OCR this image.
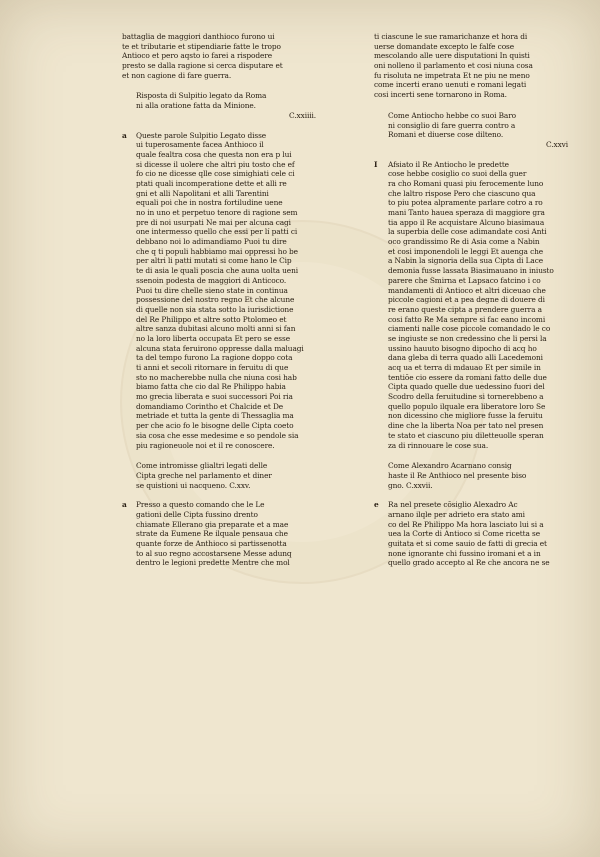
battaglia de maggiori danthioco furono ui
te et tributarie et stipendiarie fatte le tropo
Antioco et pero aqsto io farei a rispodere
presto se dalla ragione si cerca disputare et
et non cagione di fare guerra.
Risposta di Sulpitio legato da Roma
ni alla oratione fatta da Minione.
C.xxiiii.
a Queste parole Sulpitio Legato disse
ui tuperosamente facea Anthioco il
quale fealtra cosa che questa non era p lui
si dicesse il uolere che altri piu tosto che ef
fo cio ne dicesse qlle cose simighiati cele ci
ptati quali incomperatione dette et alli re
gni et alli Napolitani et alli Tarentini
equali poi che in nostra fortiludine uene
no in uno et perpetuo tenore di ragione sem
pre di noi usurpati Ne mai per alcuna cagi
one intermesso quello che essi per lí patti ci
debbano noi lo adimandiamo Puoi tu dire
che q ti populi habbiamo mai oppressi ho be
per altri li patti mutati si come hano le Cip
te di asia le quali poscia che auna uolta ueni
ssenoin podesta de maggiori di Anticoco.
Puoi tu dire chelle sieno state in continua
possessione del nostro regno Et che alcune
di quelle non sia stata sotto la iurisdictione
del Re Philippo et altre sotto Ptolomeo et
altre sanza dubitasi alcuno molti anni si fan
no la loro liberta occupata Et pero se esse
alcuna stata feruirono oppresse dalla maluagi
ta del tempo furono La ragione doppo cota
ti anni et secoli ritornare in feruitu di que
sto no macherebbe nulla che niuna cosi hab
biamo fatta che cio dal Re Philippo habia
mo grecia liberata e suoi successori Poi ria
domandiamo Corintho et Chalcide et De
metriade et tutta la gente di Thessaglia ma
per che acio fo le bisogne delle Cipta coeto
sia cosa che esse medesime e so pendole sia
piu ragioneuole noi et il re conoscere.
Come intromisse glialtri legati delle
Cipta greche nel parlamento et diner
se quistioni ui nacqueno. C.xxv.
a Presso a questo comando che le Le
gationi delle Cipta fussino drento
chiamate Ellerano gia preparate et a mae
strate da Eumene Re ilquale pensaua che
quante forze de Anthioco si partissenotta
to al suo regno accostarsene Messe adunq
dentro le legioni predette Mentre che mol
ti ciascune le sue ramarichanze et hora di
uerse domandate excepto le falfe cose
mescolando alle uere disputationi In quisti
oni nolleno il parlamento et cosi niuna cosa
fu risoluta ne impetrata Et ne piu ne meno
come incerti erano uenuti e romani legati
cosi incerti sene tornarono in Roma.
Come Antiocho hebbe co suoi Baro
ni consiglio di fare guerra contro a
Romani et diuerse cose dilteno.
C.xxvi
I Afsiato il Re Antiocho le predette
cose hebbe cosiglio co suoi della guer
ra cho Romani quasi piu ferocemente luno
che laltro rispose Pero che ciascuno qua
to piu potea alpramente parlare cotro a ro
mani Tanto hauea speraza di maggiore gra
tia appo il Re acquistare Alcuno biasimaua
la superbia delle cose adimandate cosi Anti
oco grandissimo Re di Asia come a Nabin
et cosi imponendoli le leggi Et auenga che
a Nabin la signoria della sua Cipta di Lace
demonia fusse lassata Biasimauano in iniusto
parere che Smirna et Lapsaco fatcino i co
mandamenti di Antioco et altri diceuao che
piccole cagioni et a pea degne di douere di
re erano queste cipta a prendere guerra a
cosi fatto Re Ma sempre si fac eano incomi
ciamenti nalle cose piccole comandado le co
se ingiuste se non credessino che li persi la
ussino hauuto bisogno dipocho di acq ho
dana gleba di terra quado alli Lacedemoni
acq ua et terra di mdauao Et per simile in
tentiōe cio essere da romani fatto delle due
Cipta quado quelle due uedessino fuori del
Scodro della feruitudine si tornerebbeno a
quello populo ilquale era liberatore loro Se
non dicessino che migliore fusse la feruitu
dine che la liberta Noa per tato nel presen
te stato et ciascuno piu diletteuolle speran
za di rinnouare le cose sua.
Come Alexandro Acarnano consig
haste il Re Anthioco nel presente biso
gno. C.xxvii.
e Ra nel presete cōsiglio Alexadro Ac
arnano ilqle per adrieto era stato ami
co del Re Philippo Ma hora lasciato lui si a
uea la Corte di Antioco si Come ricetta se
guitata et si come sauio de fatti di grecia et
none ignorante chi fussino iromani et a in
quello grado accepto al Re che ancora ne se
